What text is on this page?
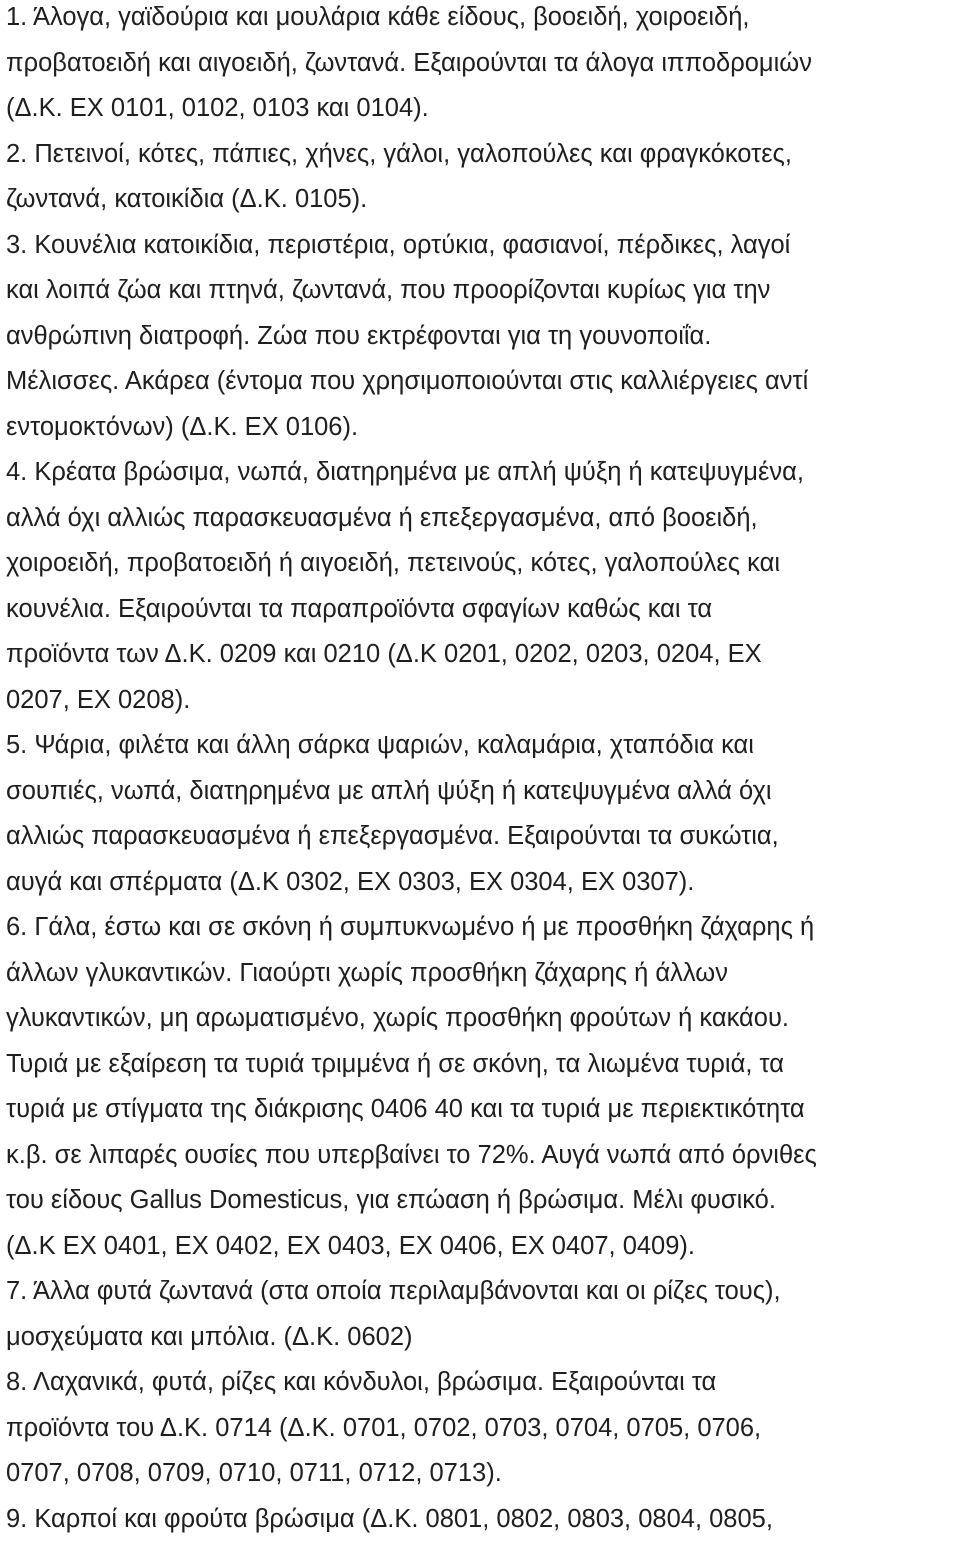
1. Άλογα, γαϊδούρια και μουλάρια κάθε είδους, βοοειδή, χοιροειδή,
προβατοειδή και αιγοειδή, ζωντανά. Εξαιρούνται τα άλογα ιπποδρομιών
(Δ.Κ. ΕΧ 0101, 0102, 0103 και 0104).
2. Πετεινοί, κότες, πάπιες, χήνες, γάλοι, γαλοπούλες και φραγκόκοτες,
ζωντανά, κατοικίδια (Δ.Κ. 0105).
3. Κουνέλια κατοικίδια, περιστέρια, ορτύκια, φασιανοί, πέρδικες, λαγοί
και λοιπά ζώα και πτηνά, ζωντανά, που προορίζονται κυρίως για την
ανθρώπινη διατροφή. Ζώα που εκτρέφονται για τη γουνοποιΐα.
Μέλισσες. Ακάρεα (έντομα που χρησιμοποιούνται στις καλλιέργειες αντί
εντομοκτόνων) (Δ.Κ. ΕΧ 0106).
4. Κρέατα βρώσιμα, νωπά, διατηρημένα με απλή ψύξη ή κατεψυγμένα,
αλλά όχι αλλιώς παρασκευασμένα ή επεξεργασμένα, από βοοειδή,
χοιροειδή, προβατοειδή ή αιγοειδή, πετεινούς, κότες, γαλοπούλες και
κουνέλια. Εξαιρούνται τα παραπροϊόντα σφαγίων καθώς και τα
προϊόντα των Δ.Κ. 0209 και 0210 (Δ.Κ 0201, 0202, 0203, 0204, ΕΧ
0207, ΕΧ 0208).
5. Ψάρια, φιλέτα και άλλη σάρκα ψαριών, καλαμάρια, χταπόδια και
σουπιές, νωπά, διατηρημένα με απλή ψύξη ή κατεψυγμένα αλλά όχι
αλλιώς παρασκευασμένα ή επεξεργασμένα. Εξαιρούνται τα συκώτια,
αυγά και σπέρματα (Δ.Κ 0302, ΕΧ 0303, ΕΧ 0304, ΕΧ 0307).
6. Γάλα, έστω και σε σκόνη ή συμπυκνωμένο ή με προσθήκη ζάχαρης ή
άλλων γλυκαντικών. Γιαούρτι χωρίς προσθήκη ζάχαρης ή άλλων
γλυκαντικών, μη αρωματισμένο, χωρίς προσθήκη φρούτων ή κακάου.
Τυριά με εξαίρεση τα τυριά τριμμένα ή σε σκόνη, τα λιωμένα τυριά, τα
τυριά με στίγματα της διάκρισης 0406 40 και τα τυριά με περιεκτικότητα
κ.β. σε λιπαρές ουσίες που υπερβαίνει το 72%. Αυγά νωπά από όρνιθες
του είδους Gallus Domesticus, για επώαση ή βρώσιμα. Μέλι φυσικό.
(Δ.Κ ΕΧ 0401, ΕΧ 0402, ΕΧ 0403, ΕΧ 0406, ΕΧ 0407, 0409).
7. Άλλα φυτά ζωντανά (στα οποία περιλαμβάνονται και οι ρίζες τους),
μοσχεύματα και μπόλια. (Δ.Κ. 0602)
8. Λαχανικά, φυτά, ρίζες και κόνδυλοι, βρώσιμα. Εξαιρούνται τα
προϊόντα του Δ.Κ. 0714 (Δ.Κ. 0701, 0702, 0703, 0704, 0705, 0706,
0707, 0708, 0709, 0710, 0711, 0712, 0713).
9. Καρποί και φρούτα βρώσιμα (Δ.Κ. 0801, 0802, 0803, 0804, 0805,
